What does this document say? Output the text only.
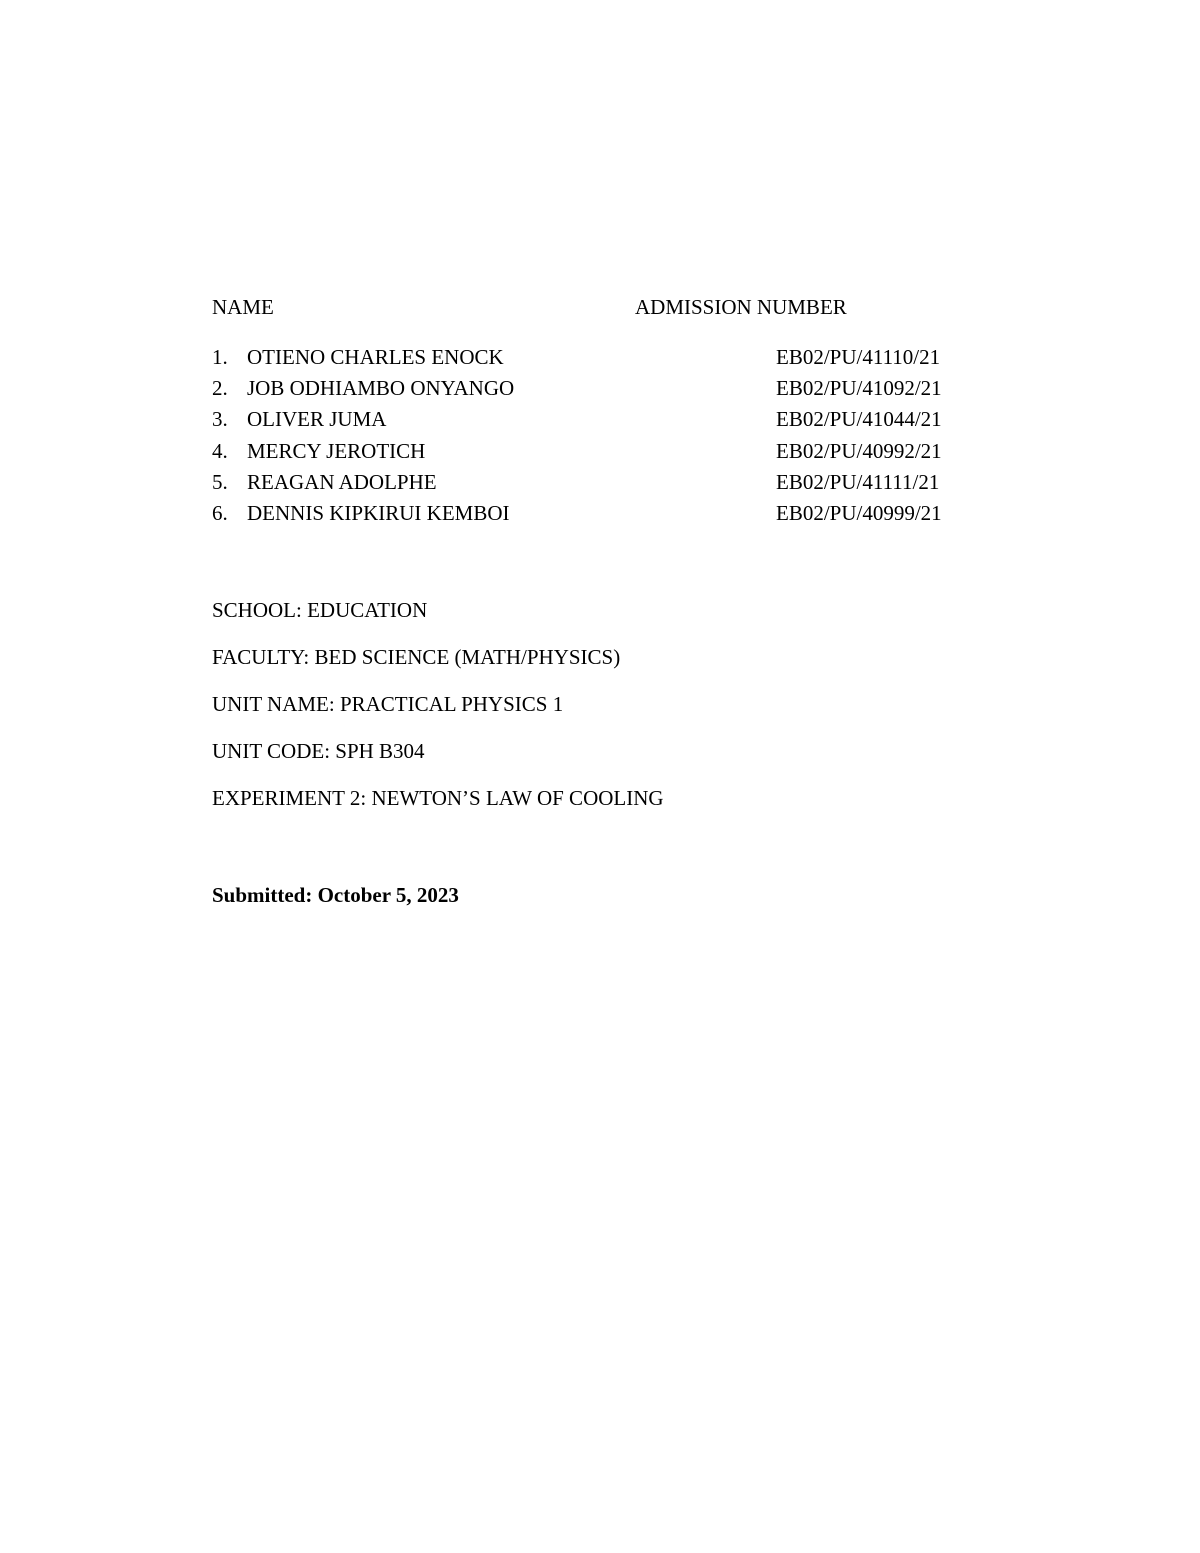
NAME	ADMISSION NUMBER
1. OTIENO CHARLES ENOCK	EB02/PU/41110/21
2. JOB ODHIAMBO ONYANGO	EB02/PU/41092/21
3. OLIVER JUMA	EB02/PU/41044/21
4. MERCY JEROTICH	EB02/PU/40992/21
5. REAGAN ADOLPHE	EB02/PU/41111/21
6. DENNIS KIPKIRUI KEMBOI	EB02/PU/40999/21
SCHOOL: EDUCATION
FACULTY: BED SCIENCE (MATH/PHYSICS)
UNIT NAME: PRACTICAL PHYSICS 1
UNIT CODE: SPH B304
EXPERIMENT 2: NEWTON’S LAW OF COOLING
Submitted: October 5, 2023
